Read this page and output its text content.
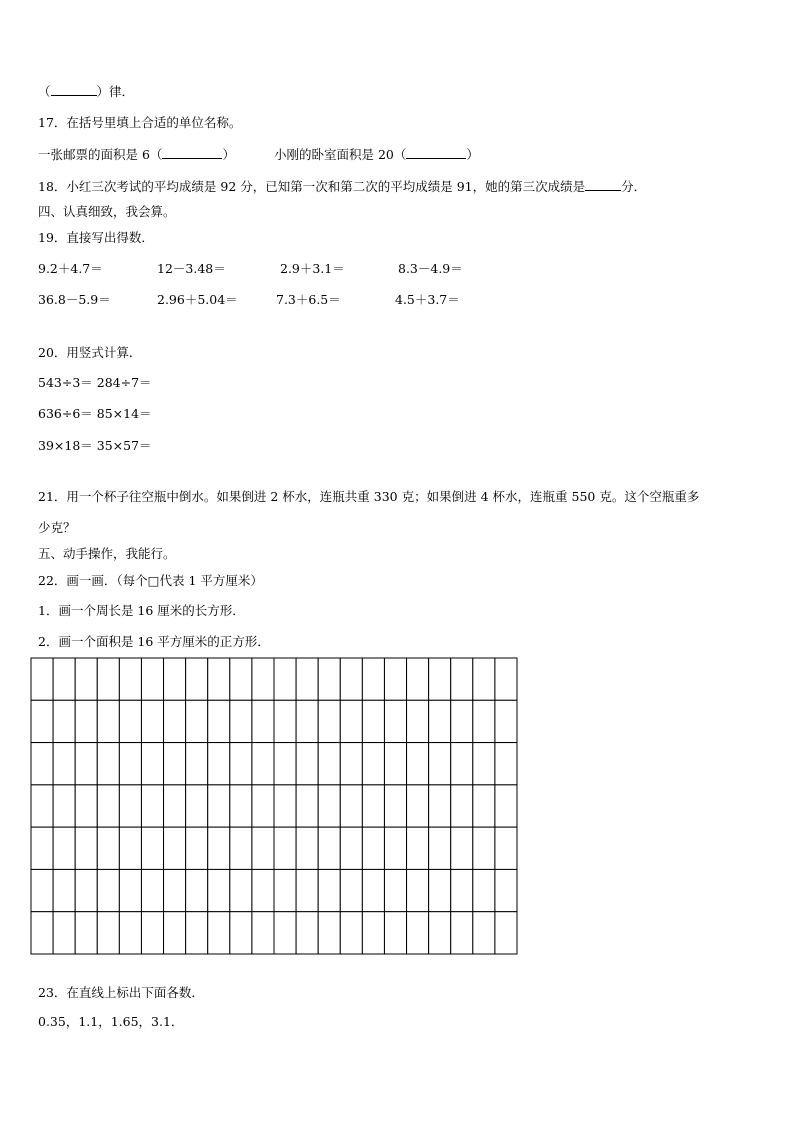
（	）律．
17．在括号里填上合适的单位名称。
一张邮票的面积是 6（	）	小刚的卧室面积是 20（	）
18．小红三次考试的平均成绩是 92 分，已知第一次和第二次的平均成绩是 91，她的第三次成绩是	分．
四、认真细致，我会算。
19．直接写出得数．
9.2＋4.7＝	12－3.48＝	2.9＋3.1＝	8.3－4.9＝
36.8－5.9＝	2.96＋5.04＝	7.3＋6.5＝	4.5＋3.7＝
20．用竖式计算．
543÷3＝ 284÷7＝
636÷6＝ 85×14＝
39×18＝ 35×57＝
21．用一个杯子往空瓶中倒水。如果倒进 2 杯水，连瓶共重 330 克；如果倒进 4 杯水，连瓶重 550 克。这个空瓶重多
少克？
五、动手操作，我能行。
22．画一画．（每个□代表 1 平方厘米）
1．画一个周长是 16 厘米的长方形．
2．画一个面积是 16 平方厘米的正方形．
23．在直线上标出下面各数．
0.35，1.1，1.65，3.1．
